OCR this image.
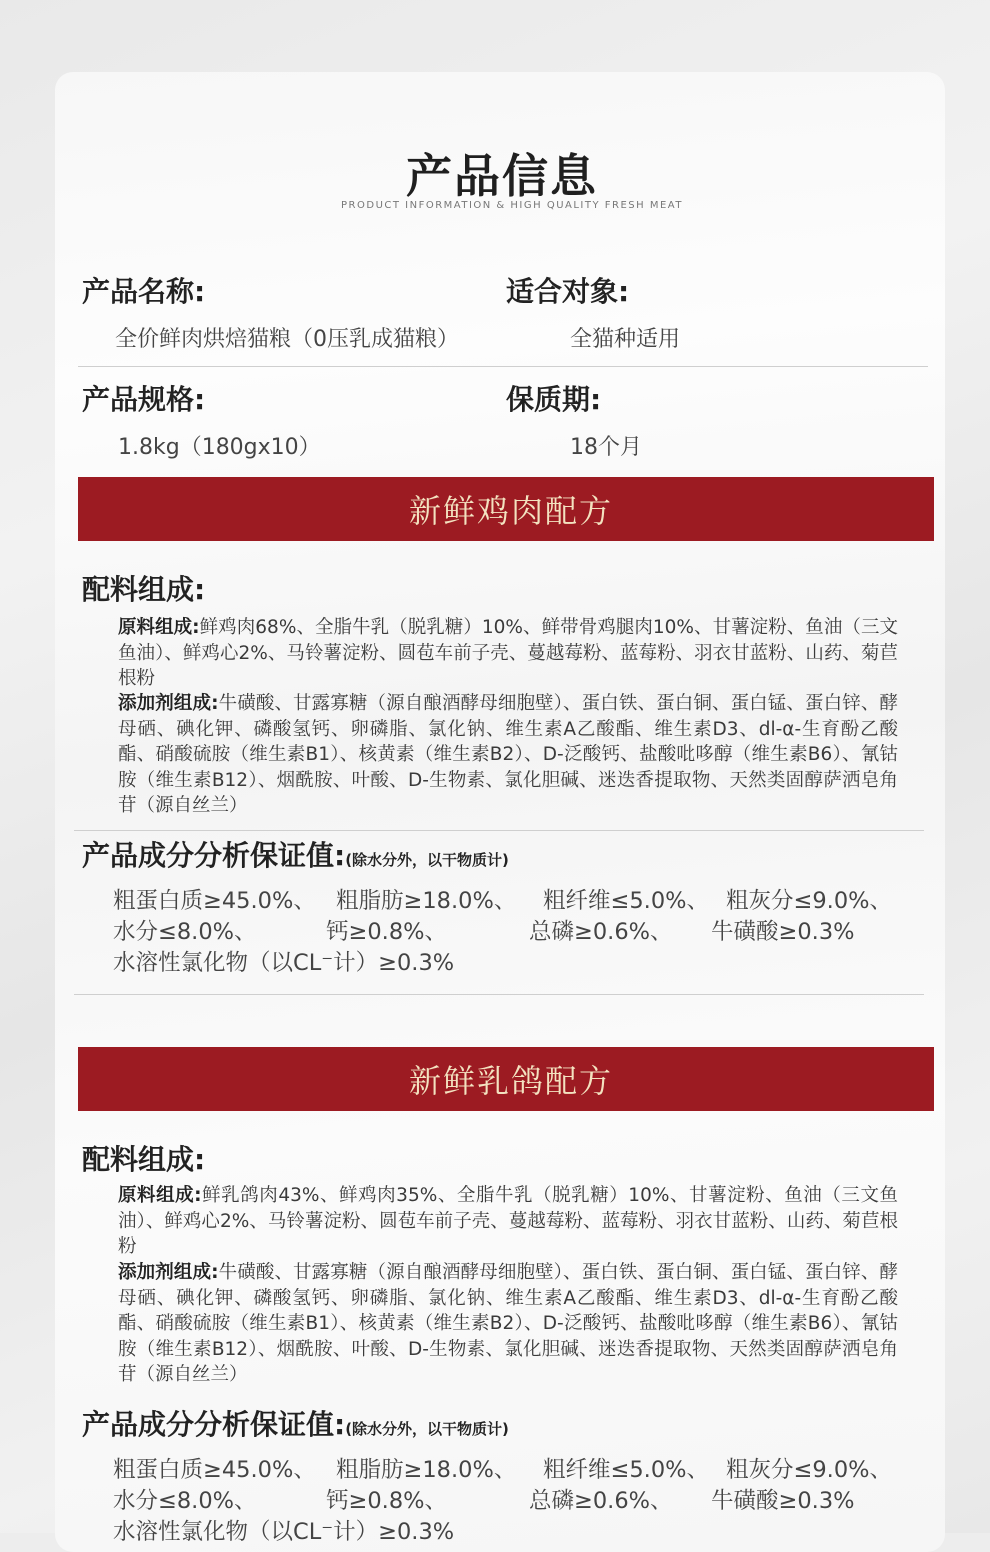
产品信息
PRODUCT INFORMATION & HIGH QUALITY FRESH MEAT
产品名称:
全价鲜肉烘焙猫粮（0压乳成猫粮）
适合对象:
全猫种适用
产品规格:
1.8kg（180gx10）
保质期:
18个月
新鲜鸡肉配方
配料组成:
原料组成:鲜鸡肉68%、全脂牛乳（脱乳糖）10%、鲜带骨鸡腿肉10%、甘薯淀粉、鱼油（三文鱼油）、鲜鸡心2%、马铃薯淀粉、圆苞车前子壳、蔓越莓粉、蓝莓粉、羽衣甘蓝粉、山药、菊苣根粉
添加剂组成:牛磺酸、甘露寡糖（源自酿酒酵母细胞壁）、蛋白铁、蛋白铜、蛋白锰、蛋白锌、酵母硒、碘化钾、磷酸氢钙、卵磷脂、氯化钠、维生素A乙酸酯、维生素D3、dl-α-生育酚乙酸酯、硝酸硫胺（维生素B1）、核黄素（维生素B2）、D-泛酸钙、盐酸吡哆醇（维生素B6）、氰钴胺（维生素B12）、烟酰胺、叶酸、D-生物素、氯化胆碱、迷迭香提取物、天然类固醇萨洒皂角苷（源自丝兰）
产品成分分析保证值:(除水分外，以干物质计)
粗蛋白质≥45.0%、 粗脂肪≥18.0%、 粗纤维≤5.0%、 粗灰分≤9.0%、
水分≤8.0%、	钙≥0.8%、	总磷≥0.6%、 牛磺酸≥0.3%
水溶性氯化物（以CL⁻计）≥0.3%
新鲜乳鸽配方
配料组成:
原料组成:鲜乳鸽肉43%、鲜鸡肉35%、全脂牛乳（脱乳糖）10%、甘薯淀粉、鱼油（三文鱼油）、鲜鸡心2%、马铃薯淀粉、圆苞车前子壳、蔓越莓粉、蓝莓粉、羽衣甘蓝粉、山药、菊苣根粉
添加剂组成:牛磺酸、甘露寡糖（源自酿酒酵母细胞壁）、蛋白铁、蛋白铜、蛋白锰、蛋白锌、酵母硒、碘化钾、磷酸氢钙、卵磷脂、氯化钠、维生素A乙酸酯、维生素D3、dl-α-生育酚乙酸酯、硝酸硫胺（维生素B1）、核黄素（维生素B2）、D-泛酸钙、盐酸吡哆醇（维生素B6）、氰钴胺（维生素B12）、烟酰胺、叶酸、D-生物素、氯化胆碱、迷迭香提取物、天然类固醇萨洒皂角苷（源自丝兰）
产品成分分析保证值:(除水分外，以干物质计)
粗蛋白质≥45.0%、 粗脂肪≥18.0%、 粗纤维≤5.0%、 粗灰分≤9.0%、
水分≤8.0%、	钙≥0.8%、	总磷≥0.6%、 牛磺酸≥0.3%
水溶性氯化物（以CL⁻计）≥0.3%
